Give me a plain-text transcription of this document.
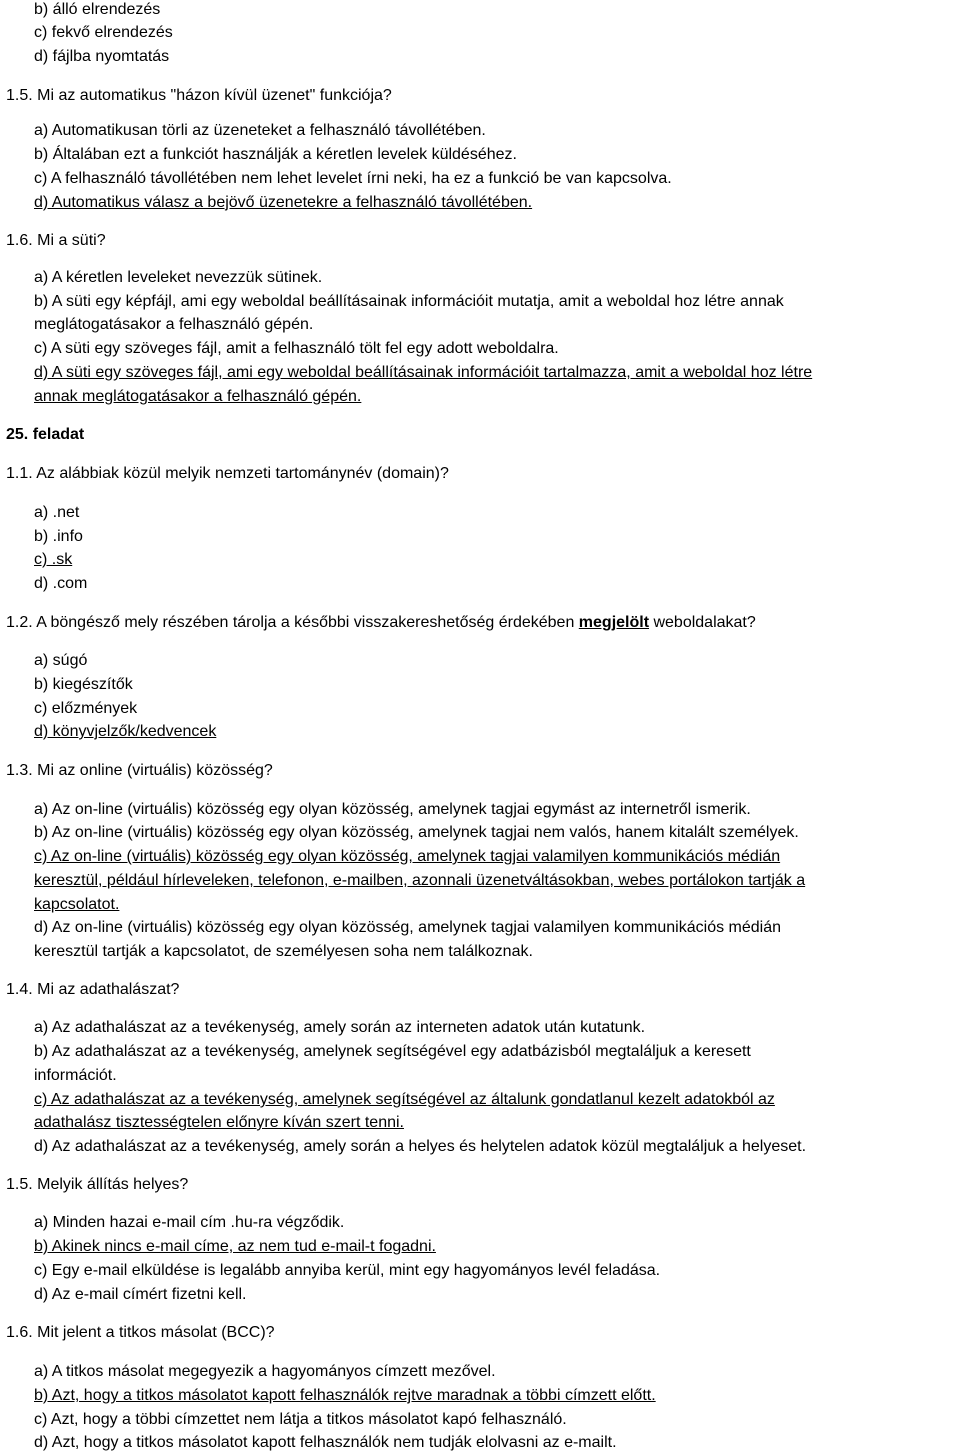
b) álló elrendezés
c) fekvő elrendezés
d) fájlba nyomtatás
1.5. Mi az automatikus "házon kívül üzenet" funkciója?
a) Automatikusan törli az üzeneteket a felhasználó távollétében.
b) Általában ezt a funkciót használják a kéretlen levelek küldéséhez.
c) A felhasználó távollétében nem lehet levelet írni neki, ha ez a funkció be van kapcsolva.
d) Automatikus válasz a bejövő üzenetekre a felhasználó távollétében.
1.6. Mi a süti?
a) A kéretlen leveleket nevezzük sütinek.
b) A süti egy képfájl, ami egy weboldal beállításainak információit mutatja, amit a weboldal hoz létre annak
meglátogatásakor a felhasználó gépén.
c) A süti egy szöveges fájl, amit a felhasználó tölt fel egy adott weboldalra.
d) A süti egy szöveges fájl, ami egy weboldal beállításainak információit tartalmazza, amit a weboldal hoz létre
annak meglátogatásakor a felhasználó gépén.
25. feladat
1.1. Az alábbiak közül melyik nemzeti tartománynév (domain)?
a) .net
b) .info
c) .sk
d) .com
1.2. A böngésző mely részében tárolja a későbbi visszakereshetőség érdekében megjelölt weboldalakat?
a) súgó
b) kiegészítők
c) előzmények
d) könyvjelzők/kedvencek
1.3. Mi az online (virtuális) közösség?
a) Az on-line (virtuális) közösség egy olyan közösség, amelynek tagjai egymást az internetről ismerik.
b) Az on-line (virtuális) közösség egy olyan közösség, amelynek tagjai nem valós, hanem kitalált személyek.
c) Az on-line (virtuális) közösség egy olyan közösség, amelynek tagjai valamilyen kommunikációs médián
keresztül, például hírleveleken, telefonon, e-mailben, azonnali üzenetváltásokban, webes portálokon tartják a
kapcsolatot.
d) Az on-line (virtuális) közösség egy olyan közösség, amelynek tagjai valamilyen kommunikációs médián
keresztül tartják a kapcsolatot, de személyesen soha nem találkoznak.
1.4. Mi az adathalászat?
a) Az adathalászat az a tevékenység, amely során az interneten adatok után kutatunk.
b) Az adathalászat az a tevékenység, amelynek segítségével egy adatbázisból megtaláljuk a keresett
információt.
c) Az adathalászat az a tevékenység, amelynek segítségével az általunk gondatlanul kezelt adatokból az
adathalász tisztességtelen előnyre kíván szert tenni.
d) Az adathalászat az a tevékenység, amely során a helyes és helytelen adatok közül megtaláljuk a helyeset.
1.5. Melyik állítás helyes?
a) Minden hazai e-mail cím .hu-ra végződik.
b) Akinek nincs e-mail címe, az nem tud e-mail-t fogadni.
c) Egy e-mail elküldése is legalább annyiba kerül, mint egy hagyományos levél feladása.
d) Az e-mail címért fizetni kell.
1.6. Mit jelent a titkos másolat (BCC)?
a) A titkos másolat megegyezik a hagyományos címzett mezővel.
b) Azt, hogy a titkos másolatot kapott felhasználók rejtve maradnak a többi címzett előtt.
c) Azt, hogy a többi címzettet nem látja a titkos másolatot kapó felhasználó.
d) Azt, hogy a titkos másolatot kapott felhasználók nem tudják elolvasni az e-mailt.
